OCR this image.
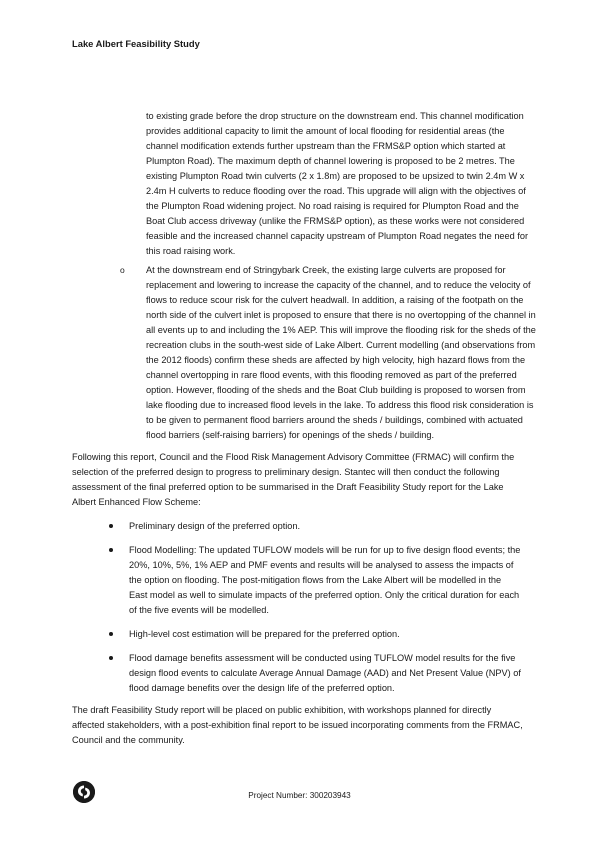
Lake Albert Feasibility Study

to existing grade before the drop structure on the downstream end. This channel modification provides additional capacity to limit the amount of local flooding for residential areas (the channel modification extends further upstream than the FRMS&P option which started at Plumpton Road). The maximum depth of channel lowering is proposed to be 2 metres. The existing Plumpton Road twin culverts (2 x 1.8m) are proposed to be upsized to twin 2.4m W x 2.4m H culverts to reduce flooding over the road. This upgrade will align with the objectives of the Plumpton Road widening project. No road raising is required for Plumpton Road and the Boat Club access driveway (unlike the FRMS&P option), as these works were not considered feasible and the increased channel capacity upstream of Plumpton Road negates the need for this road raising work.

o At the downstream end of Stringybark Creek, the existing large culverts are proposed for replacement and lowering to increase the capacity of the channel, and to reduce the velocity of flows to reduce scour risk for the culvert headwall. In addition, a raising of the footpath on the north side of the culvert inlet is proposed to ensure that there is no overtopping of the channel in all events up to and including the 1% AEP. This will improve the flooding risk for the sheds of the recreation clubs in the south-west side of Lake Albert. Current modelling (and observations from the 2012 floods) confirm these sheds are affected by high velocity, high hazard flows from the channel overtopping in rare flood events, with this flooding removed as part of the preferred option. However, flooding of the sheds and the Boat Club building is proposed to worsen from lake flooding due to increased flood levels in the lake. To address this flood risk consideration is to be given to permanent flood barriers around the sheds / buildings, combined with actuated flood barriers (self-raising barriers) for openings of the sheds / building.

Following this report, Council and the Flood Risk Management Advisory Committee (FRMAC) will confirm the selection of the preferred design to progress to preliminary design. Stantec will then conduct the following assessment of the final preferred option to be summarised in the Draft Feasibility Study report for the Lake Albert Enhanced Flow Scheme:

Preliminary design of the preferred option.
Flood Modelling: The updated TUFLOW models will be run for up to five design flood events; the 20%, 10%, 5%, 1% AEP and PMF events and results will be analysed to assess the impacts of the option on flooding. The post-mitigation flows from the Lake Albert will be modelled in the East model as well to simulate impacts of the preferred option. Only the critical duration for each of the five events will be modelled.
High-level cost estimation will be prepared for the preferred option.
Flood damage benefits assessment will be conducted using TUFLOW model results for the five design flood events to calculate Average Annual Damage (AAD) and Net Present Value (NPV) of flood damage benefits over the design life of the preferred option.

The draft Feasibility Study report will be placed on public exhibition, with workshops planned for directly affected stakeholders, with a post-exhibition final report to be issued incorporating comments from the FRMAC, Council and the community.

Project Number: 300203943
